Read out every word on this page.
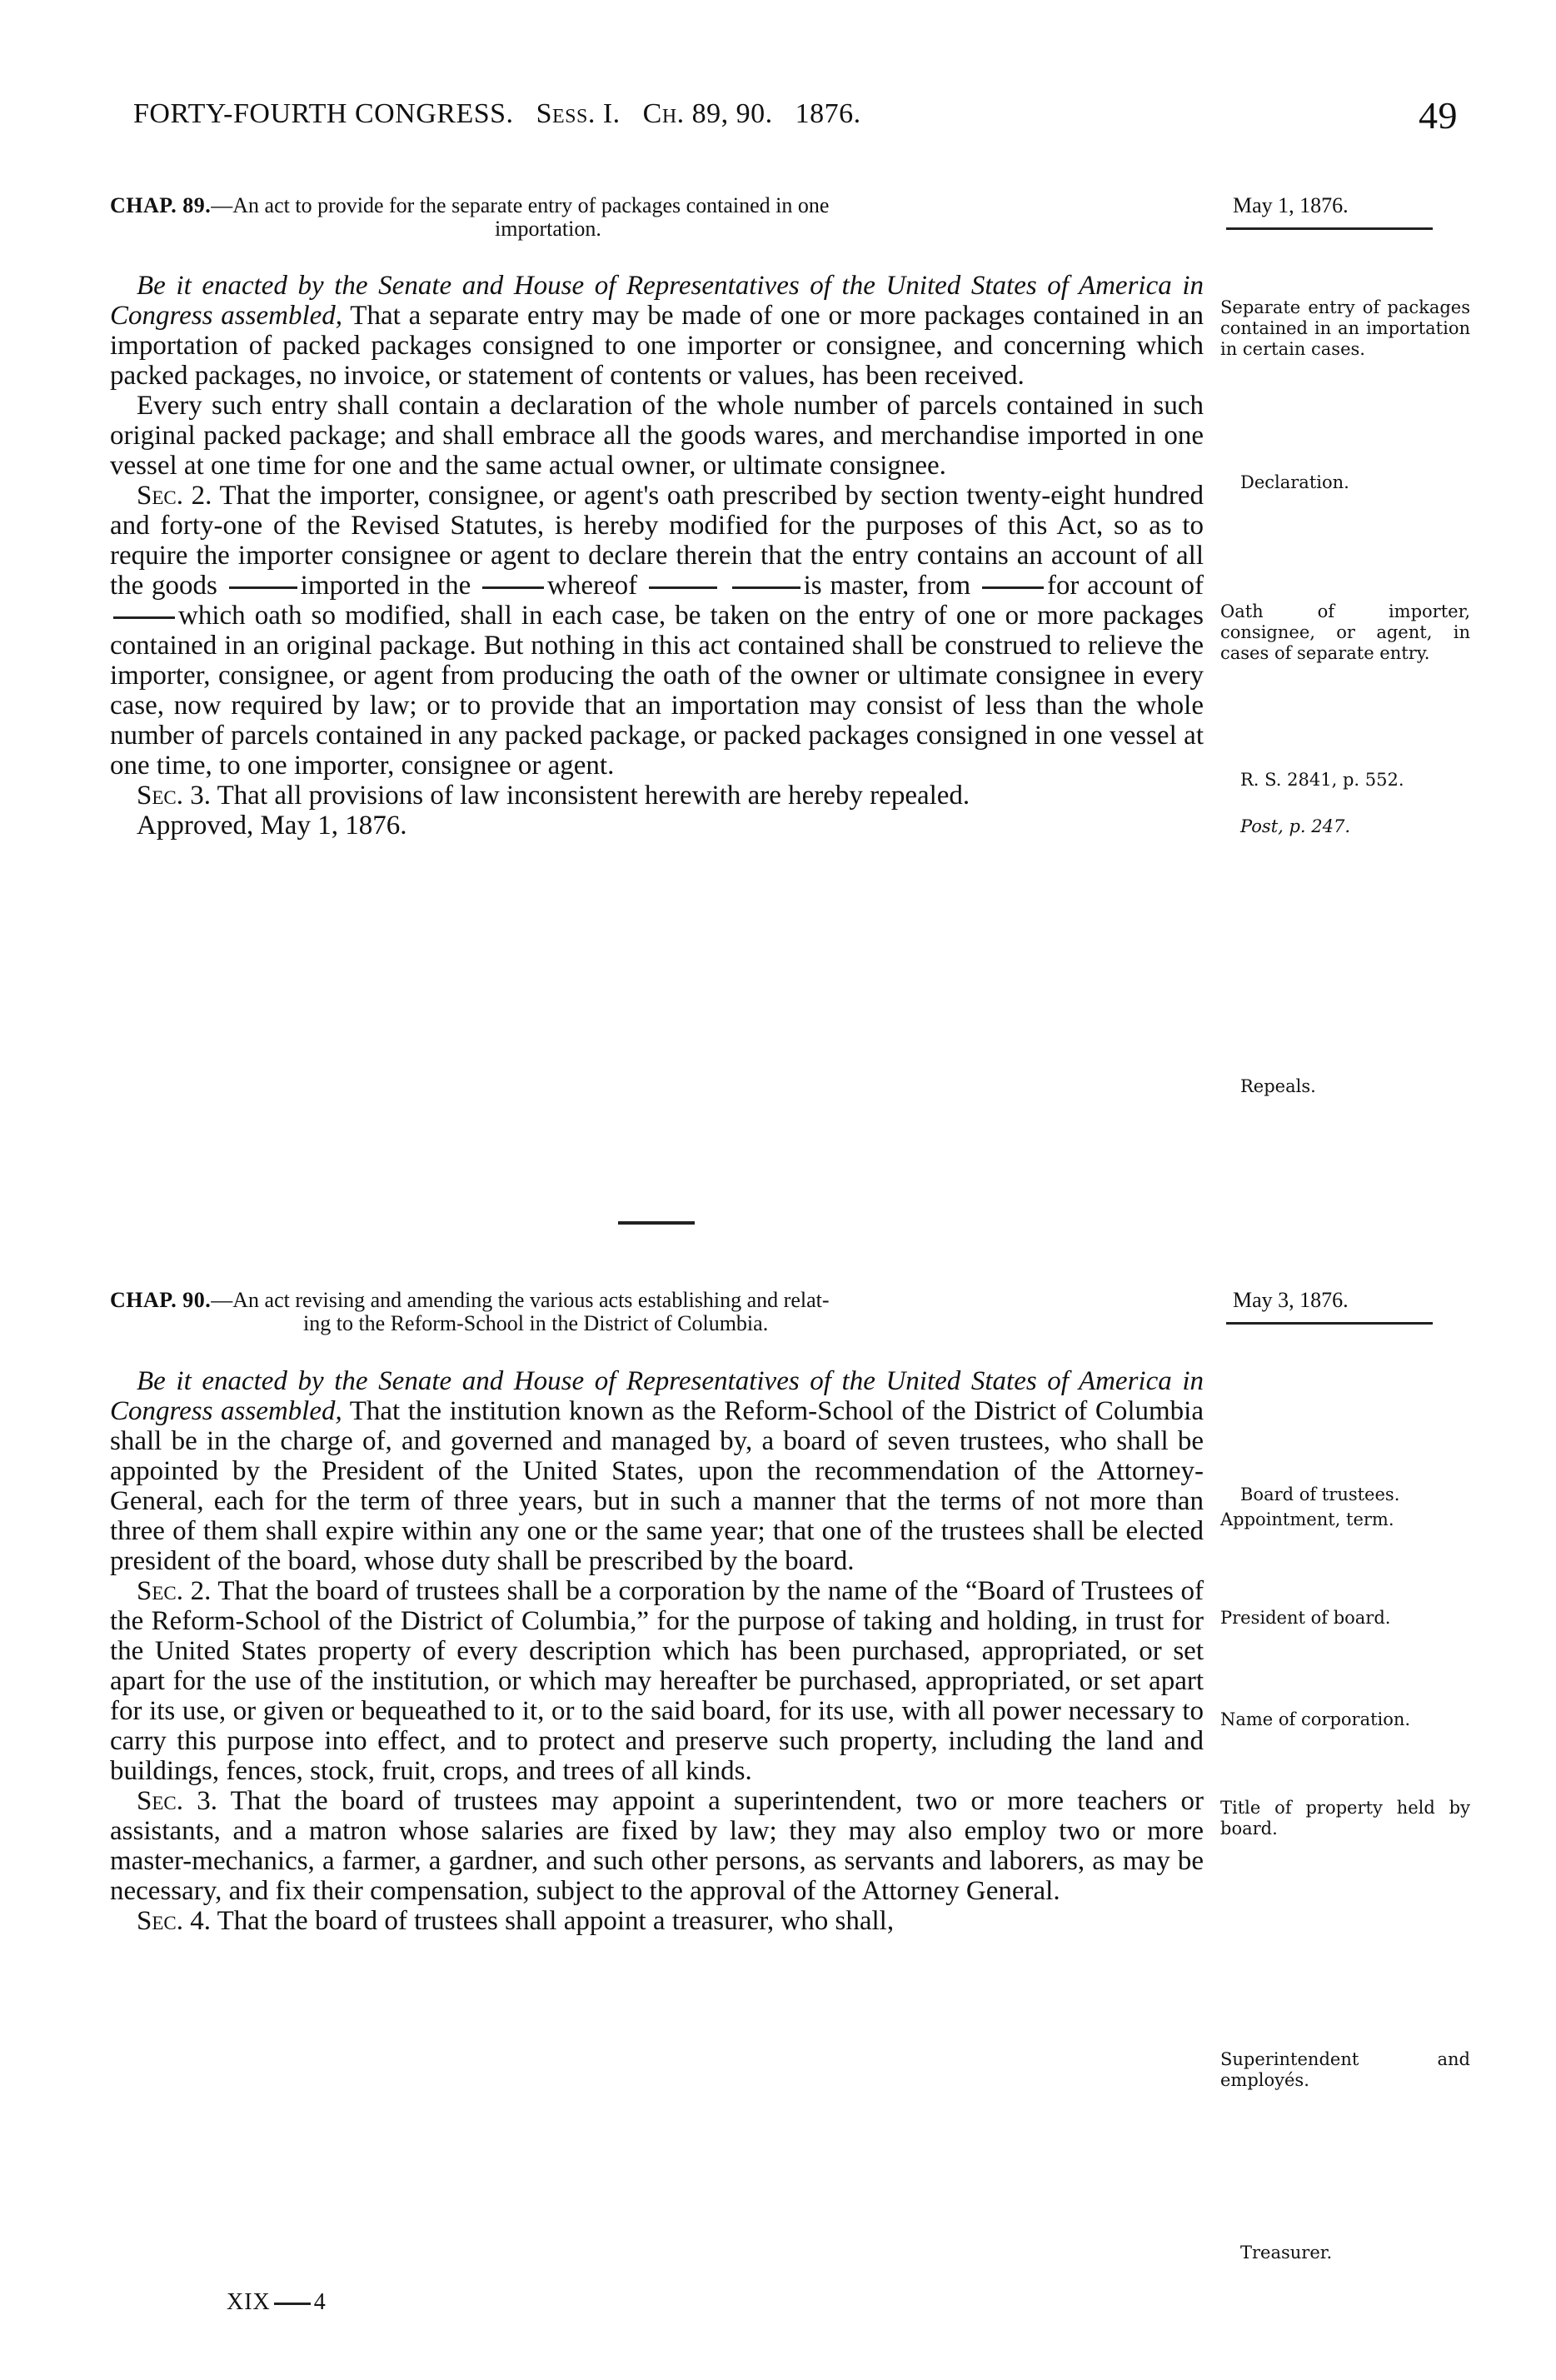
FORTY-FOURTH CONGRESS. Sess. I. Ch. 89, 90. 1876.	49
CHAP. 89.—An act to provide for the separate entry of packages contained in one
importation.
May 1, 1876.

Be it enacted by the Senate and House of Representatives of the United States of America in Congress assembled, That a separate entry may be made of one or more packages contained in an importation of packed packages consigned to one importer or consignee, and concerning which packed packages, no invoice, or statement of contents or values, has been received.

Every such entry shall contain a declaration of the whole number of parcels contained in such original packed package; and shall embrace all the goods wares, and merchandise imported in one vessel at one time for one and the same actual owner, or ultimate consignee.

Sec. 2. That the importer, consignee, or agent's oath prescribed by section twenty-eight hundred and forty-one of the Revised Statutes, is hereby modified for the purposes of this Act, so as to require the importer consignee or agent to declare therein that the entry contains an account of all the goods	imported in the	whereof	is master, from	for account of which oath so modified, shall in each case, be taken on the entry of one or more packages contained in an original package. But nothing in this act contained shall be construed to relieve the importer, consignee, or agent from producing the oath of the owner or ultimate consignee in every case, now required by law; or to provide that an importation may consist of less than the whole number of parcels contained in any packed package, or packed packages consigned in one vessel at one time, to one importer, consignee or agent.

Sec. 3. That all provisions of law inconsistent herewith are hereby repealed.

Approved, May 1, 1876.

Separate entry of packages contained in an importation in certain cases.
Declaration.
Oath of importer, consignee, or agent, in cases of separate entry.
R. S. 2841, p. 552.
Post, p. 247.
Repeals.
CHAP. 90.—An act revising and amending the various acts establishing and relat-
ing to the Reform-School in the District of Columbia.
May 3, 1876.

Be it enacted by the Senate and House of Representatives of the United States of America in Congress assembled, That the institution known as the Reform-School of the District of Columbia shall be in the charge of, and governed and managed by, a board of seven trustees, who shall be appointed by the President of the United States, upon the recommendation of the Attorney-General, each for the term of three years, but in such a manner that the terms of not more than three of them shall expire within any one or the same year; that one of the trustees shall be elected president of the board, whose duty shall be prescribed by the board.

Sec. 2. That the board of trustees shall be a corporation by the name of the “Board of Trustees of the Reform-School of the District of Columbia,” for the purpose of taking and holding, in trust for the United States property of every description which has been purchased, appropriated, or set apart for the use of the institution, or which may hereafter be purchased, appropriated, or set apart for its use, or given or bequeathed to it, or to the said board, for its use, with all power necessary to carry this purpose into effect, and to protect and preserve such property, including the land and buildings, fences, stock, fruit, crops, and trees of all kinds.

Sec. 3. That the board of trustees may appoint a superintendent, two or more teachers or assistants, and a matron whose salaries are fixed by law; they may also employ two or more master-mechanics, a farmer, a gardner, and such other persons, as servants and laborers, as may be necessary, and fix their compensation, subject to the approval of the Attorney General.

Sec. 4. That the board of trustees shall appoint a treasurer, who shall,

Board of trustees.
Appointment, term.
President of board.
Name of corporation.
Title of property held by board.
Superintendent and employés.
Treasurer.
XIX 4
